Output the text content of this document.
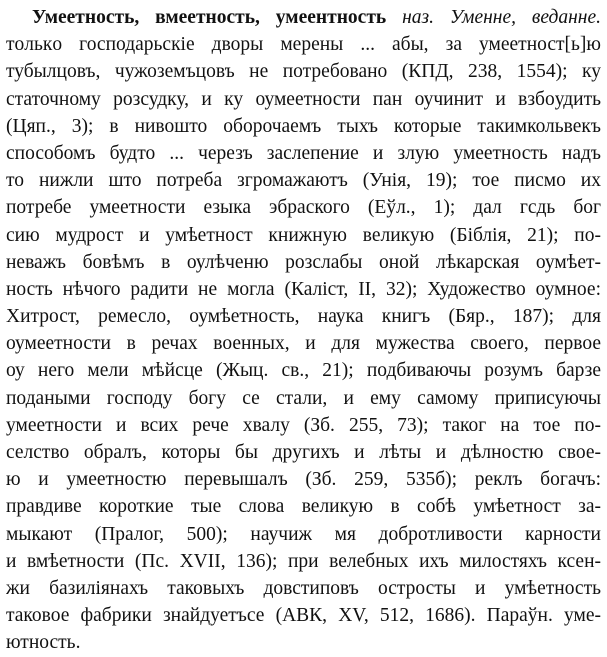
Умеетность, вмеетность, умеентность наз. Уменне, веданне.
тoлькo господарьскіе дворы мерены ... абы, за умеетност[ь]ю
тубылцовъ, чужоземъцовъ не потребовано (КПД, 238, 1554); ку
статочному розсудку, и ку оумеетности пан оучинит и взбoудить
(Цяп., 3); в нивошто оборочаемъ тыхъ которые такимкольвекъ
способомъ будто ... черезъ заслепение и злую умеетность надъ
то нижли што потреба згромажаютъ (Унія, 19); тое писмо их
потребе умеетности езыка эбраского (Еўл., 1); дал гсдь бог
сию мудрост и умѣетност книжную великую (Біблія, 21); по-
неважъ бовѣмъ в оулѣченю розслабы оной лѣкарская оумѣет-
ность нѣчого радити не могла (Каліст, II, 32); Художество оумное:
Хитрост, ремесло, оумѣетность, наука книгъ (Бяр., 187); для
оумеетности в речах военных, и для мужества своего, первое
оу него мели мѣйсце (Жыц. св., 21); подбиваючы розумъ барзе
подаными господу богу се стали, и ему самому приписуючы
умеетности и всих рече хвалу (Зб. 255, 73); таког на тое по-
селство обралъ, которы бы дрyгихъ и лѣты и дѣлностю свое-
ю и умеетностю перевышалъ (Зб. 259, 535б); реклъ богачъ:
правдиве короткие тые слова великую в собѣ умѣетност за-
мыкают (Пралог, 500); научиж мя добротливости карности
и вмѣетности (Пс. XVII, 136); при велебных ихъ милостяхъ ксен-
жи базиліянахъ таковыхъ довстиповъ остросты и умѣетность
таковое фабрики знайдуетъсе (АВК, XV, 512, 1686). Параўн. уме-
ютность.
